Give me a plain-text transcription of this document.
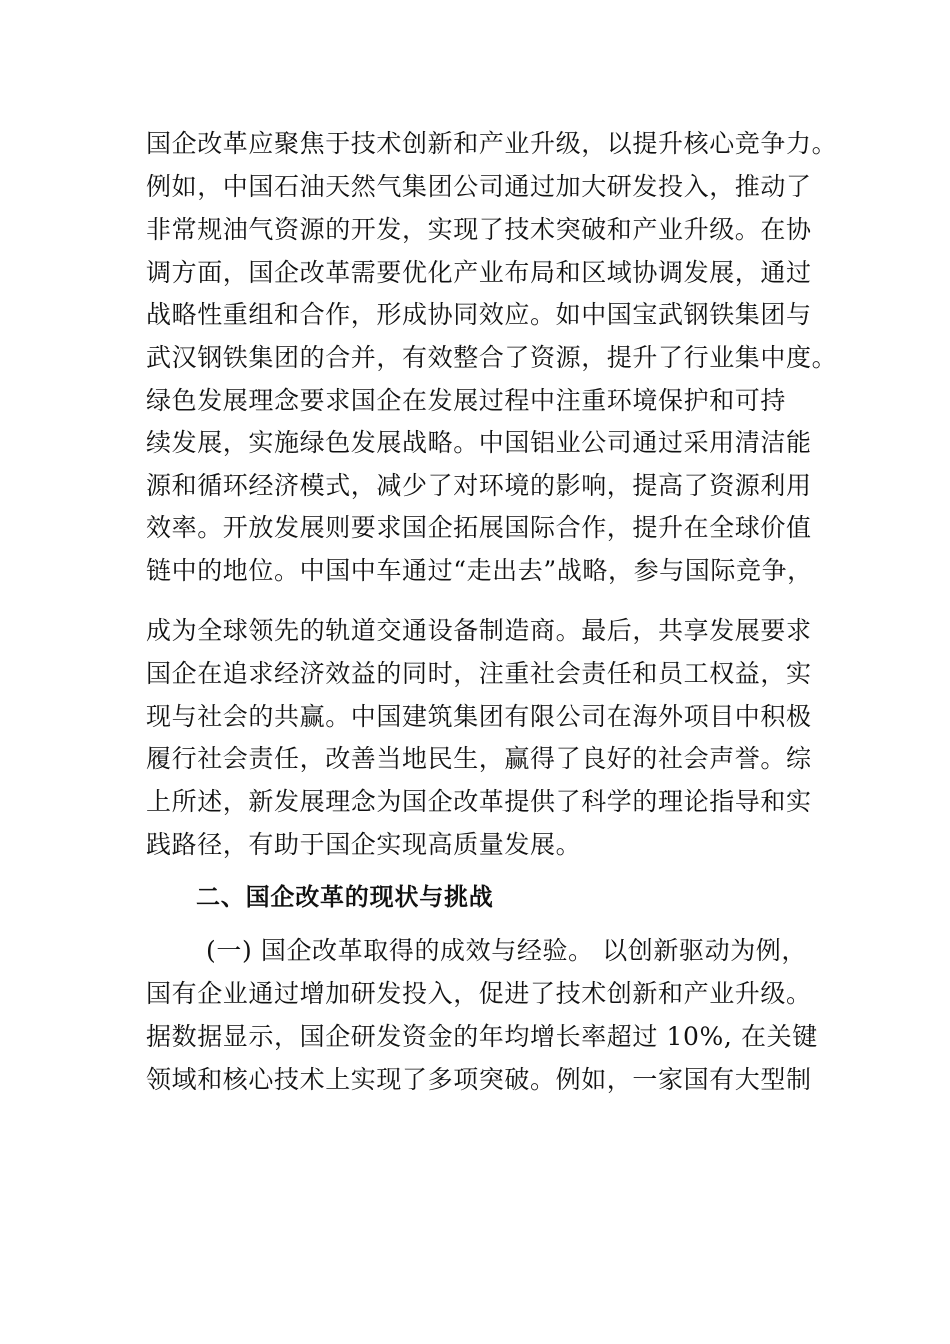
国企改革应聚焦于技术创新和产业升级，以提升核心竞争力。
例如，中国石油天然气集团公司通过加大研发投入，推动了
非常规油气资源的开发，实现了技术突破和产业升级。在协
调方面，国企改革需要优化产业布局和区域协调发展，通过
战略性重组和合作，形成协同效应。如中国宝武钢铁集团与
武汉钢铁集团的合并，有效整合了资源，提升了行业集中度。
绿色发展理念要求国企在发展过程中注重环境保护和可持
续发展，实施绿色发展战略。中国铝业公司通过采用清洁能
源和循环经济模式，减少了对环境的影响，提高了资源利用
效率。开放发展则要求国企拓展国际合作，提升在全球价值
链中的地位。中国中车通过“走出去”战略，参与国际竞争，
成为全球领先的轨道交通设备制造商。最后，共享发展要求
国企在追求经济效益的同时，注重社会责任和员工权益，实
现与社会的共赢。中国建筑集团有限公司在海外项目中积极
履行社会责任，改善当地民生，赢得了良好的社会声誉。综
上所述，新发展理念为国企改革提供了科学的理论指导和实
践路径，有助于国企实现高质量发展。
二、国企改革的现状与挑战
(一) 国企改革取得的成效与经验。 以创新驱动为例，
国有企业通过增加研发投入，促进了技术创新和产业升级。
据数据显示，国企研发资金的年均增长率超过 10%, 在关键
领域和核心技术上实现了多项突破。例如，一家国有大型制
